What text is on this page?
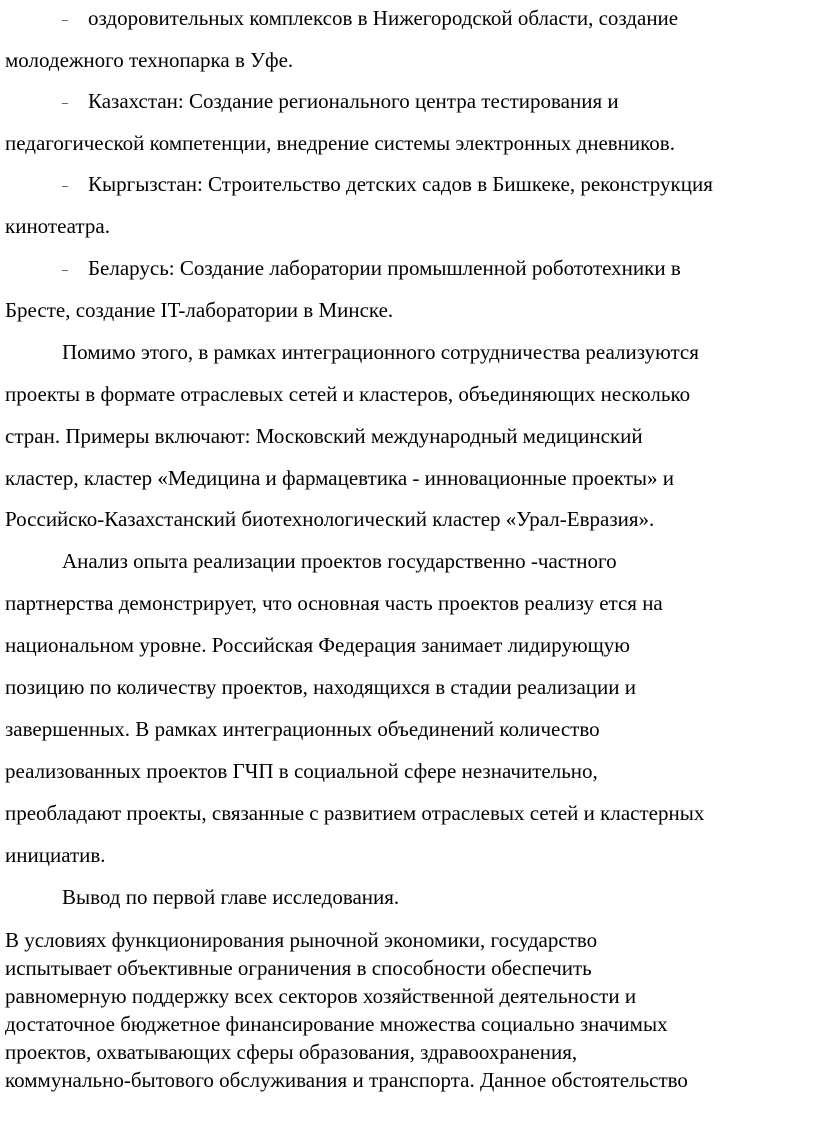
– оздоровительных комплексов в Нижегородской области, создание
молодежного технопарка в Уфе.
– Казахстан: Создание регионального центра тестирования и
педагогической компетенции, внедрение системы электронных дневников.
– Кыргызстан: Строительство детских садов в Бишкеке, реконструкция
кинотеатра.
– Беларусь: Создание лаборатории промышленной робототехники в
Бресте, создание IT-лаборатории в Минске.
Помимо этого, в рамках интеграционного сотрудничества реализуются
проекты в формате отраслевых сетей и кластеров, объединяющих несколько
стран. Примеры включают: Московский международный медицинский
кластер, кластер «Медицина и фармацевтика - инновационные проекты» и
Российско-Казахстанский биотехнологический кластер «Урал-Евразия».
Анализ опыта реализации проектов государственно -частного
партнерства демонстрирует, что основная часть проектов реализу ется на
национальном уровне. Российская Федерация занимает лидирующую
позицию по количеству проектов, находящихся в стадии реализации и
завершенных. В рамках интеграционных объединений количество
реализованных проектов ГЧП в социальной сфере незначительно,
преобладают проекты, связанные с развитием отраслевых сетей и кластерных
инициатив.
Вывод по первой главе исследования.
В условиях функционирования рыночной экономики, государство
испытывает объективные ограничения в способности обеспечить
равномерную поддержку всех секторов хозяйственной деятельности и
достаточное бюджетное финансирование множества социально значимых
проектов, охватывающих сферы образования, здравоохранения,
коммунально-бытового обслуживания и транспорта. Данное обстоятельство
